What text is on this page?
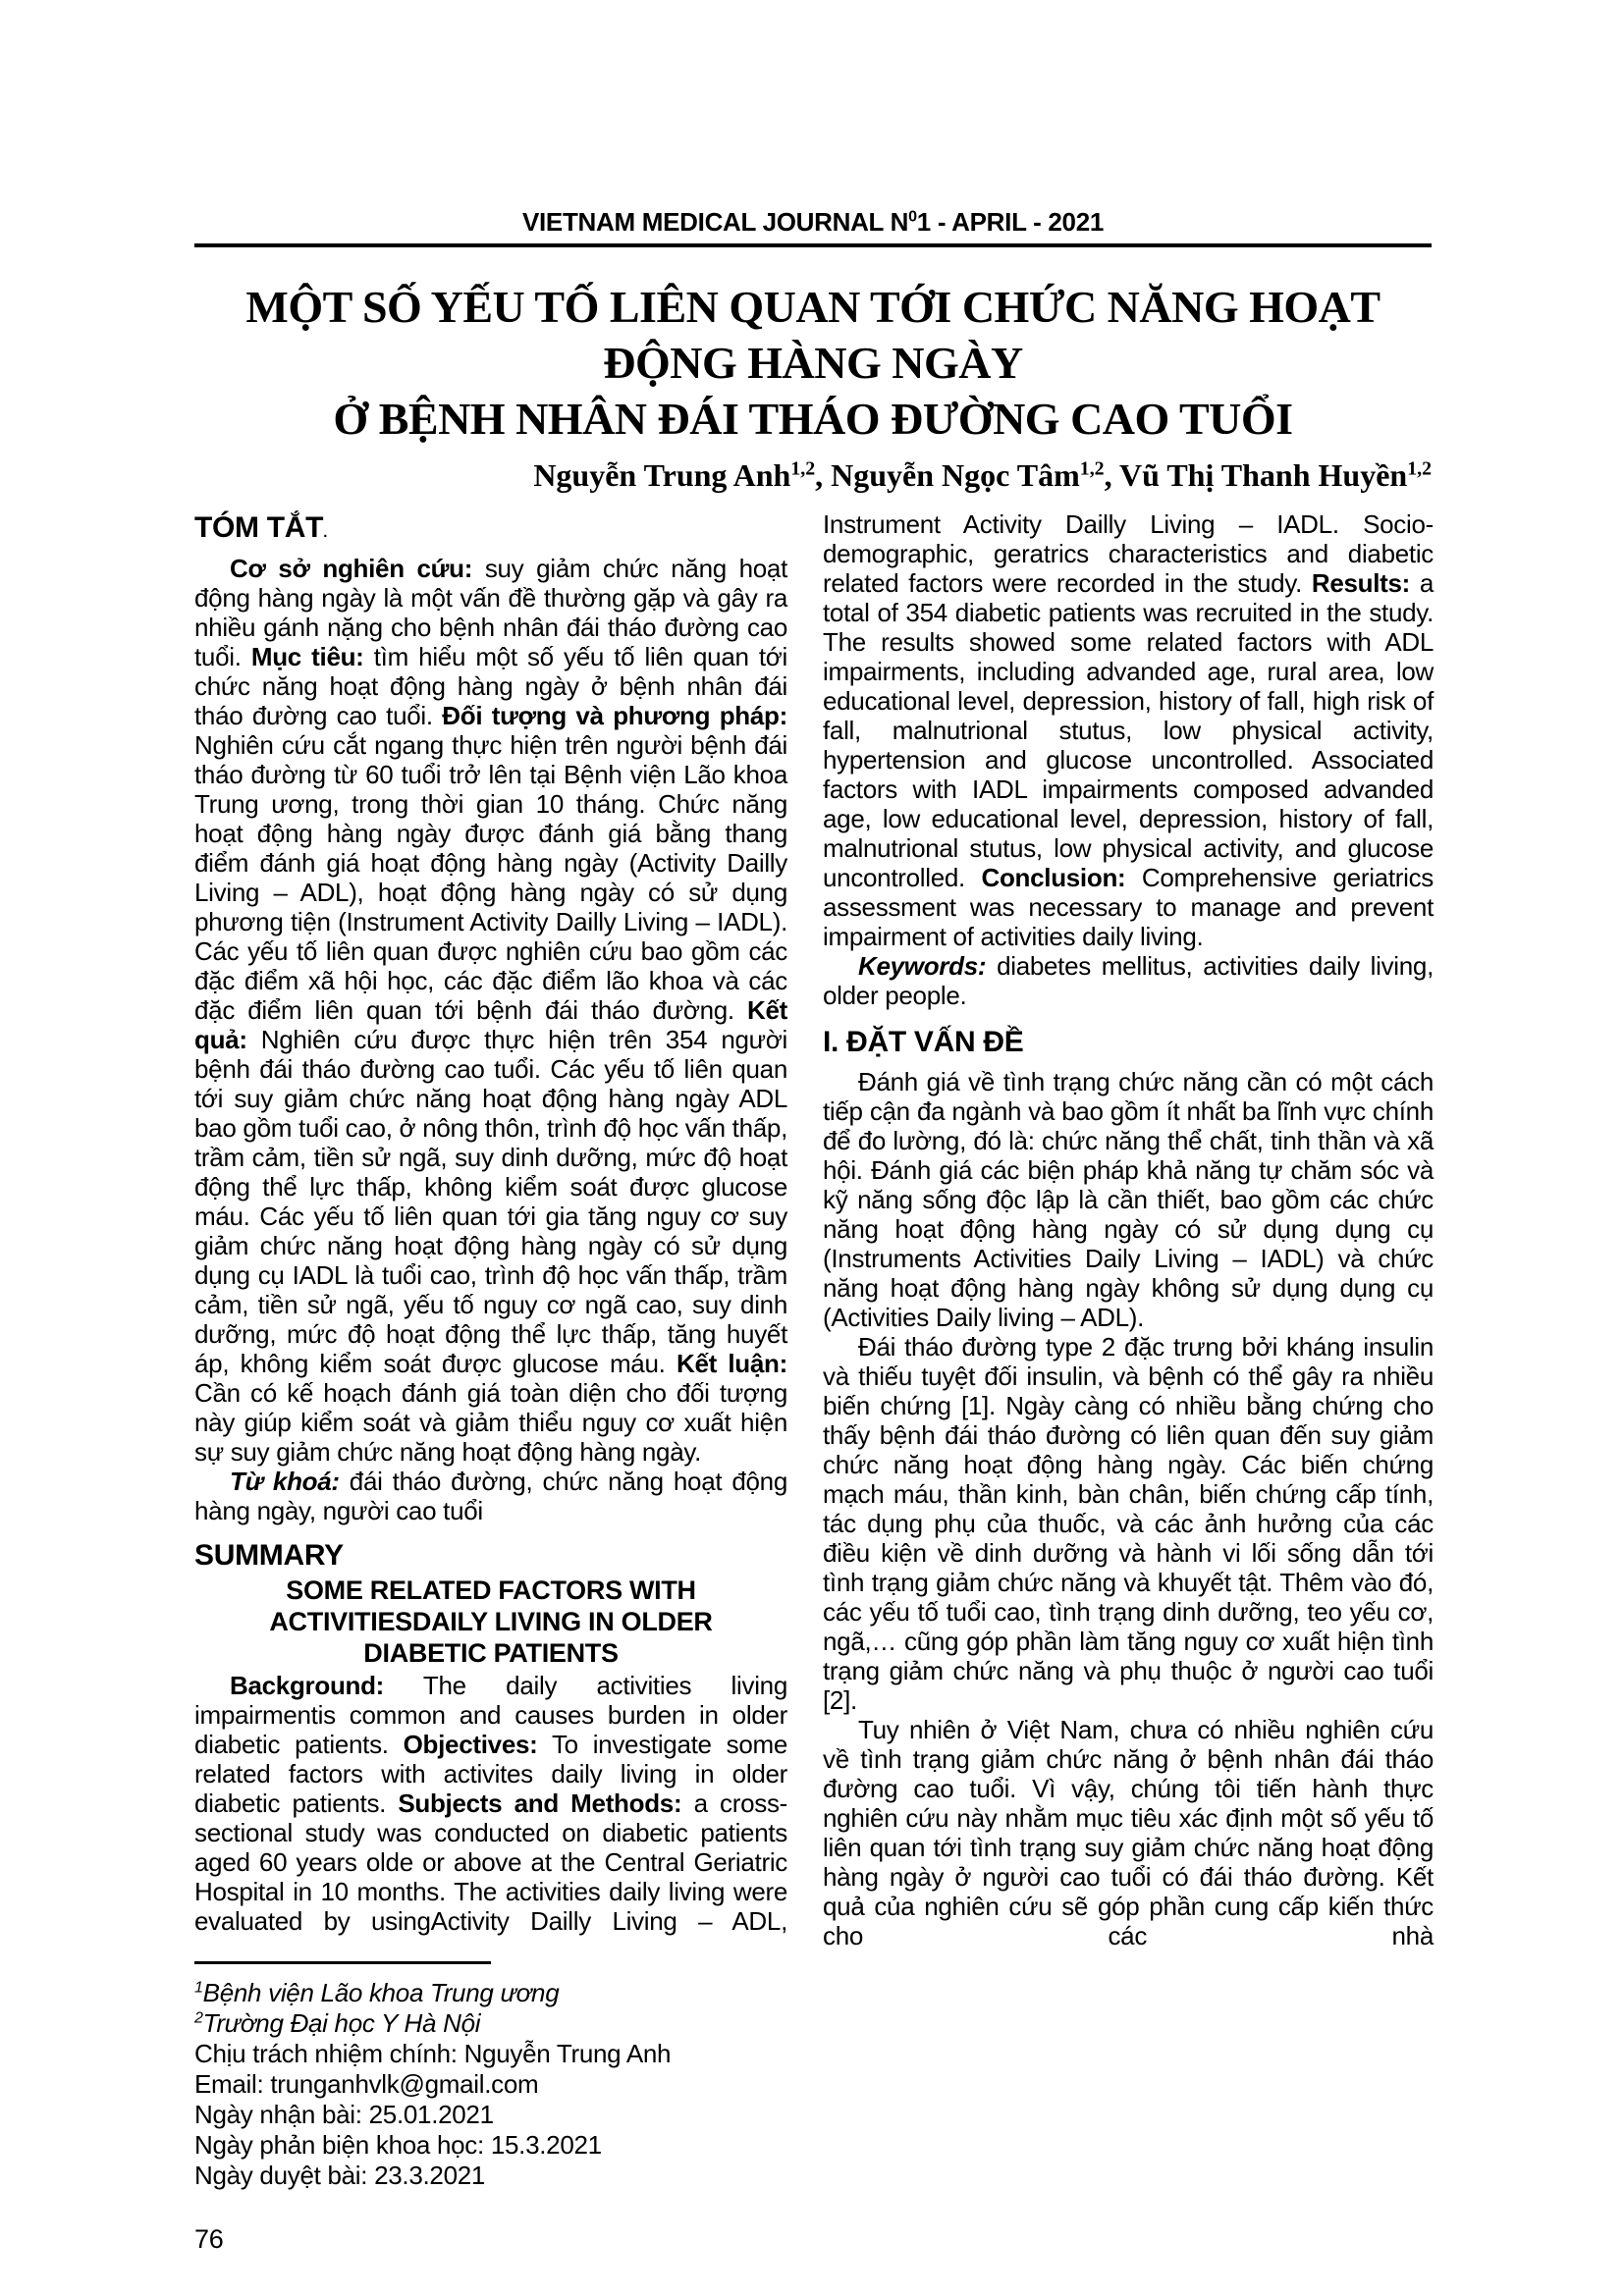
VIETNAM MEDICAL JOURNAL $N^01$ - APRIL - 2021
MỘT SỐ YẾU TỐ LIÊN QUAN TỚI CHỨC NĂNG HOẠT ĐỘNG HÀNG NGÀY
Ở BỆNH NHÂN ĐÁI THÁO ĐƯỜNG CAO TUỔI
Nguyễn Trung Anh$^{1,2}$, Nguyễn Ngọc Tâm$^{1,2}$, Vũ Thị Thanh Huyền$^{1,2}$
TÓM TẮT.

Cơ sở nghiên cứu: suy giảm chức năng hoạt động hàng ngày là một vấn đề thường gặp và gây ra nhiều gánh nặng cho bệnh nhân đái tháo đường cao tuổi. Mục tiêu: tìm hiểu một số yếu tố liên quan tới chức năng hoạt động hàng ngày ở bệnh nhân đái tháo đường cao tuổi. Đối tượng và phương pháp: Nghiên cứu cắt ngang thực hiện trên người bệnh đái tháo đường từ 60 tuổi trở lên tại Bệnh viện Lão khoa Trung ương, trong thời gian 10 tháng. Chức năng hoạt động hàng ngày được đánh giá bằng thang điểm đánh giá hoạt động hàng ngày (Activity Dailly Living – ADL), hoạt động hàng ngày có sử dụng phương tiện (Instrument Activity Dailly Living – IADL). Các yếu tố liên quan được nghiên cứu bao gồm các đặc điểm xã hội học, các đặc điểm lão khoa và các đặc điểm liên quan tới bệnh đái tháo đường. Kết quả: Nghiên cứu được thực hiện trên 354 người bệnh đái tháo đường cao tuổi. Các yếu tố liên quan tới suy giảm chức năng hoạt động hàng ngày ADL bao gồm tuổi cao, ở nông thôn, trình độ học vấn thấp, trầm cảm, tiền sử ngã, suy dinh dưỡng, mức độ hoạt động thể lực thấp, không kiểm soát được glucose máu. Các yếu tố liên quan tới gia tăng nguy cơ suy giảm chức năng hoạt động hàng ngày có sử dụng dụng cụ IADL là tuổi cao, trình độ học vấn thấp, trầm cảm, tiền sử ngã, yếu tố nguy cơ ngã cao, suy dinh dưỡng, mức độ hoạt động thể lực thấp, tăng huyết áp, không kiểm soát được glucose máu. Kết luận: Cần có kế hoạch đánh giá toàn diện cho đối tượng này giúp kiểm soát và giảm thiểu nguy cơ xuất hiện sự suy giảm chức năng hoạt động hàng ngày.

Từ khoá: đái tháo đường, chức năng hoạt động hàng ngày, người cao tuổi

SUMMARY
SOME RELATED FACTORS WITH
ACTIVITIESDAILY LIVING IN OLDER
DIABETIC PATIENTS

Background: The daily activities living impairmentis common and causes burden in older diabetic patients. Objectives: To investigate some related factors with activites daily living in older diabetic patients. Subjects and Methods: a cross-sectional study was conducted on diabetic patients aged 60 years olde or above at the Central Geriatric Hospital in 10 months. The activities daily living were evaluated by usingActivity Dailly Living – ADL,

$^1$Bệnh viện Lão khoa Trung ương
$^2$Trường Đại học Y Hà Nội
Chịu trách nhiệm chính: Nguyễn Trung Anh
Email: trunganhvlk@gmail.com
Ngày nhận bài: 25.01.2021
Ngày phản biện khoa học: 15.3.2021
Ngày duyệt bài: 23.3.2021
76

Instrument Activity Dailly Living – IADL. Socio-demographic, geratrics characteristics and diabetic related factors were recorded in the study. Results: a total of 354 diabetic patients was recruited in the study. The results showed some related factors with ADL impairments, including advanded age, rural area, low educational level, depression, history of fall, high risk of fall, malnutrional stutus, low physical activity, hypertension and glucose uncontrolled. Associated factors with IADL impairments composed advanded age, low educational level, depression, history of fall, malnutrional stutus, low physical activity, and glucose uncontrolled. Conclusion: Comprehensive geriatrics assessment was necessary to manage and prevent impairment of activities daily living.

Keywords: diabetes mellitus, activities daily living, older people.

I. ĐẶT VẤN ĐỀ

Đánh giá về tình trạng chức năng cần có một cách tiếp cận đa ngành và bao gồm ít nhất ba lĩnh vực chính để đo lường, đó là: chức năng thể chất, tinh thần và xã hội. Đánh giá các biện pháp khả năng tự chăm sóc và kỹ năng sống độc lập là cần thiết, bao gồm các chức năng hoạt động hàng ngày có sử dụng dụng cụ (Instruments Activities Daily Living – IADL) và chức năng hoạt động hàng ngày không sử dụng dụng cụ (Activities Daily living – ADL).

Đái tháo đường type 2 đặc trưng bởi kháng insulin và thiếu tuyệt đối insulin, và bệnh có thể gây ra nhiều biến chứng [1]. Ngày càng có nhiều bằng chứng cho thấy bệnh đái tháo đường có liên quan đến suy giảm chức năng hoạt động hàng ngày. Các biến chứng mạch máu, thần kinh, bàn chân, biến chứng cấp tính, tác dụng phụ của thuốc, và các ảnh hưởng của các điều kiện về dinh dưỡng và hành vi lối sống dẫn tới tình trạng giảm chức năng và khuyết tật. Thêm vào đó, các yếu tố tuổi cao, tình trạng dinh dưỡng, teo yếu cơ, ngã,… cũng góp phần làm tăng nguy cơ xuất hiện tình trạng giảm chức năng và phụ thuộc ở người cao tuổi [2].

Tuy nhiên ở Việt Nam, chưa có nhiều nghiên cứu về tình trạng giảm chức năng ở bệnh nhân đái tháo đường cao tuổi. Vì vậy, chúng tôi tiến hành thực nghiên cứu này nhằm mục tiêu xác định một số yếu tố liên quan tới tình trạng suy giảm chức năng hoạt động hàng ngày ở người cao tuổi có đái tháo đường. Kết quả của nghiên cứu sẽ góp phần cung cấp kiến thức cho các nhà
